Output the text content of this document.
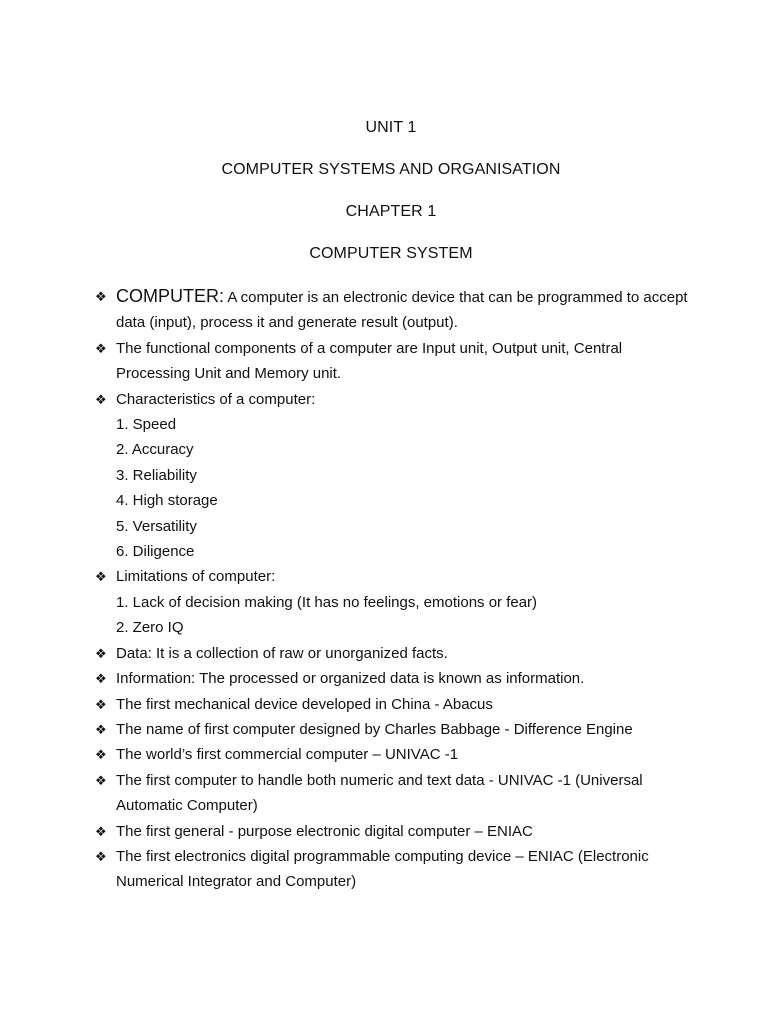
UNIT 1
COMPUTER SYSTEMS AND ORGANISATION
CHAPTER 1
COMPUTER SYSTEM
❖ COMPUTER: A computer is an electronic device that can be programmed to accept data (input), process it and generate result (output).
❖ The functional components of a computer are Input unit, Output unit, Central Processing Unit and Memory unit.
❖ Characteristics of a computer:
1. Speed
2. Accuracy
3. Reliability
4. High storage
5. Versatility
6. Diligence
❖ Limitations of computer:
1. Lack of decision making (It has no feelings, emotions or fear)
2. Zero IQ
❖ Data: It is a collection of raw or unorganized facts.
❖ Information: The processed or organized data is known as information.
❖ The first mechanical device developed in China - Abacus
❖ The name of first computer designed by Charles Babbage - Difference Engine
❖ The world’s first commercial computer – UNIVAC -1
❖ The first computer to handle both numeric and text data - UNIVAC -1 (Universal Automatic Computer)
❖ The first general - purpose electronic digital computer – ENIAC
❖ The first electronics digital programmable computing device – ENIAC (Electronic Numerical Integrator and Computer)
